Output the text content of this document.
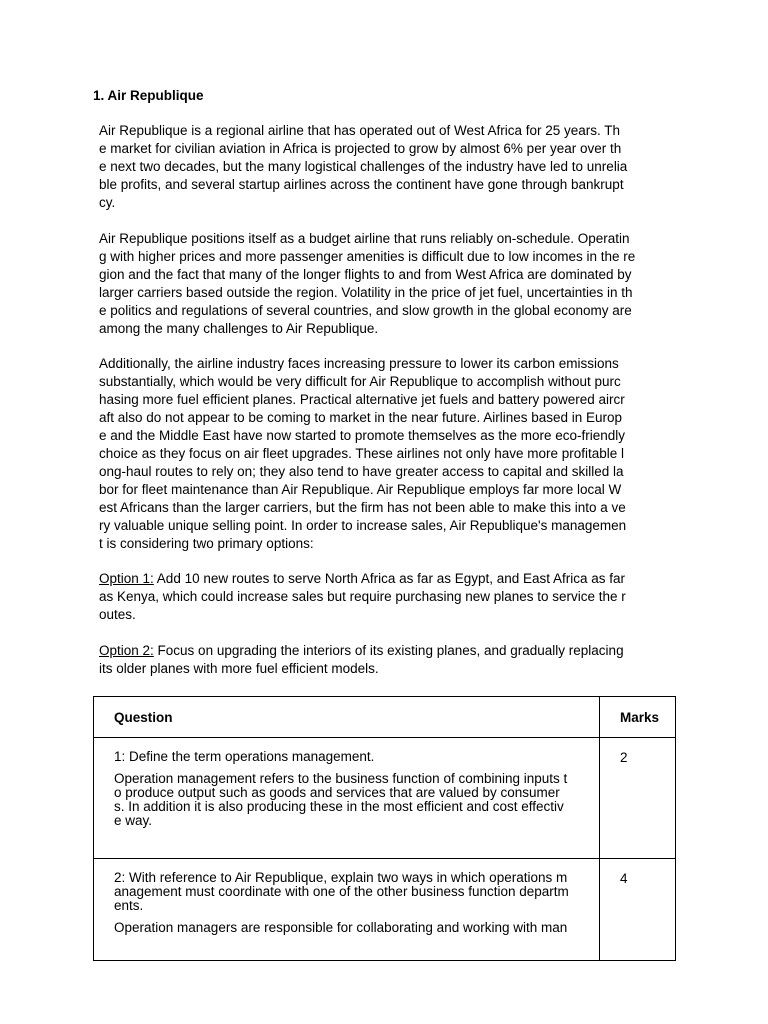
1. Air Republique

Air Republique is a regional airline that has operated out of West Africa for 25 years. Th
e market for civilian aviation in Africa is projected to grow by almost 6% per year over th
e next two decades, but the many logistical challenges of the industry have led to unrelia
ble profits, and several startup airlines across the continent have gone through bankrupt
cy.

Air Republique positions itself as a budget airline that runs reliably on-schedule. Operatin
g with higher prices and more passenger amenities is difficult due to low incomes in the re
gion and the fact that many of the longer flights to and from West Africa are dominated by
larger carriers based outside the region. Volatility in the price of jet fuel, uncertainties in th
e politics and regulations of several countries, and slow growth in the global economy are
among the many challenges to Air Republique.

Additionally, the airline industry faces increasing pressure to lower its carbon emissions
substantially, which would be very difficult for Air Republique to accomplish without purc
hasing more fuel efficient planes. Practical alternative jet fuels and battery powered aircr
aft also do not appear to be coming to market in the near future. Airlines based in Europ
e and the Middle East have now started to promote themselves as the more eco-friendly
choice as they focus on air fleet upgrades. These airlines not only have more profitable l
ong-haul routes to rely on; they also tend to have greater access to capital and skilled la
bor for fleet maintenance than Air Republique. Air Republique employs far more local W
est Africans than the larger carriers, but the firm has not been able to make this into a ve
ry valuable unique selling point. In order to increase sales, Air Republique's managemen
t is considering two primary options:

Option 1: Add 10 new routes to serve North Africa as far as Egypt, and East Africa as far
as Kenya, which could increase sales but require purchasing new planes to service the r
outes.

Option 2: Focus on upgrading the interiors of its existing planes, and gradually replacing
its older planes with more fuel efficient models.

Question	Marks

1: Define the term operations management.
Operation management refers to the business function of combining inputs t
o produce output such as goods and services that are valued by consumer
s. In addition it is also producing these in the most efficient and cost effectiv
e way.	2

2: With reference to Air Republique, explain two ways in which operations m
anagement must coordinate with one of the other business function departm
ents.
Operation managers are responsible for collaborating and working with man	4
